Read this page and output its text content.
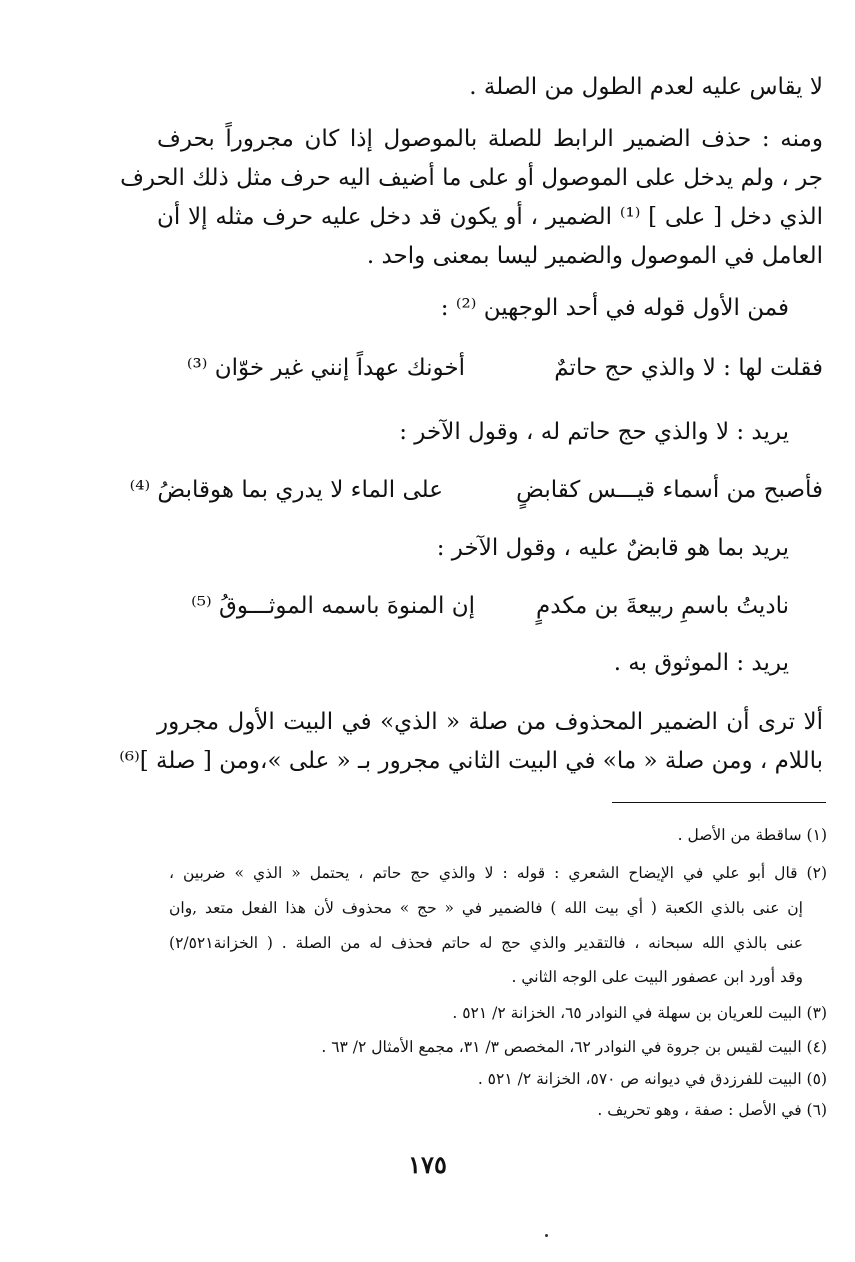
لا يقاس عليه لعدم الطول من الصلة .
ومنه : حذف الضمير الرابط للصلة بالموصول إذا كان مجروراً بحرف
جر ، ولم يدخل على الموصول أو على ما أضيف اليه حرف مثل ذلك الحرف
الذي دخل [ على ] ⁽¹⁾ الضمير ، أو يكون قد دخل عليه حرف مثله إلا أن
العامل في الموصول والضمير ليسا بمعنى واحد .
فمن الأول قوله في أحد الوجهين ⁽²⁾ :
فقلت لها : لا والذي حج حاتمٌ
أخونك عهداً إنني غير خوّان ⁽³⁾
يريد : لا والذي حج حاتم له ، وقول الآخر :
فأصبح من أسماء قيـــس كقابضٍ
على الماء لا يدري بما هوقابضُ ⁽⁴⁾
يريد بما هو قابضٌ عليه ، وقول الآخر :
ناديتُ باسمِ ربيعةَ بن مكدمٍ
إن المنوهَ باسمه الموثـــوقُ ⁽⁵⁾
يريد : الموثوق به .
ألا ترى أن الضمير المحذوف من صلة « الذي» في البيت الأول مجرور
باللام ، ومن صلة « ما» في البيت الثاني مجرور بـ « على »،ومن [ صلة ]⁽⁶⁾
(١) ساقطة من الأصل .
(٢) قال أبو علي في الإيضاح الشعري : قوله : لا والذي حج حاتم ، يحتمل « الذي » ضربين ،
إن عنى بالذي الكعبة ( أي بيت الله ) فالضمير في « حج » محذوف لأن هذا الفعل متعد ,وان
عنى بالذي الله سبحانه ، فالتقدير والذي حج له حاتم فحذف له من الصلة . ( الخزانة٢/٥٢١)
وقد أورد ابن عصفور البيت على الوجه الثاني .
(٣) البيت للعريان بن سهلة في النوادر ٦٥، الخزانة ٢/ ٥٢١ .
(٤) البيت لقيس بن جروة في النوادر ٦٢، المخصص ٣/ ٣١، مجمع الأمثال ٢/ ٦٣ .
(٥) البيت للفرزدق في ديوانه ص ٥٧٠، الخزانة ٢/ ٥٢١ .
(٦) في الأصل : صفة ، وهو تحريف .
١٧٥
